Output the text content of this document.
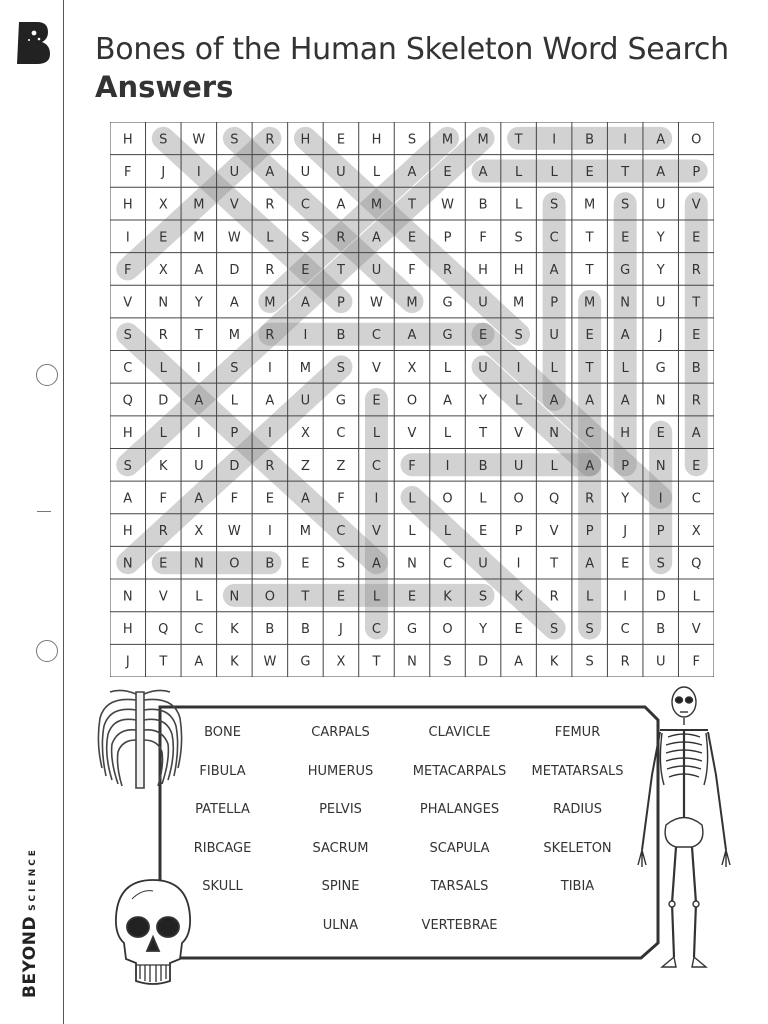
BEYONDSCIENCE
Bones of the Human Skeleton Word Search
Answers
H S W S R H E H S M M T I B I A O
F J I U A U U L A E A L L E T A P
H X M V R C A M T W B L S M S U V
I E M W L S R A E P F S C T E Y E
F X A D R E T U F R H H A T G Y R
V N Y A M A P W M G U M P M N U T
S R T M R I B C A G E S U E A J E
C L I S I M S V X L U I L T L G B
Q D A L A U G E O A Y L A A A N R
H L I P I X C L V L T V N C H E A
S K U D R Z Z C F I B U L A P N E
A F A F E A F I L O L O Q R Y I C
H R X W I M C V L L E P V P J P X
N E N O B E S A N C U I T A E S Q
N V L N O T E L E K S K R L I D L
H Q C K B B J C G O Y E S S C B V
J T A K W G X T N S D A K S R U F
BONE	CARPALS	CLAVICLE	FEMUR
FIBULA	HUMERUS	METACARPALS	METATARSALS
PATELLA	PELVIS	PHALANGES	RADIUS
RIBCAGE	SACRUM	SCAPULA	SKELETON
SKULL	SPINE	TARSALS	TIBIA
ULNA	VERTEBRAE
